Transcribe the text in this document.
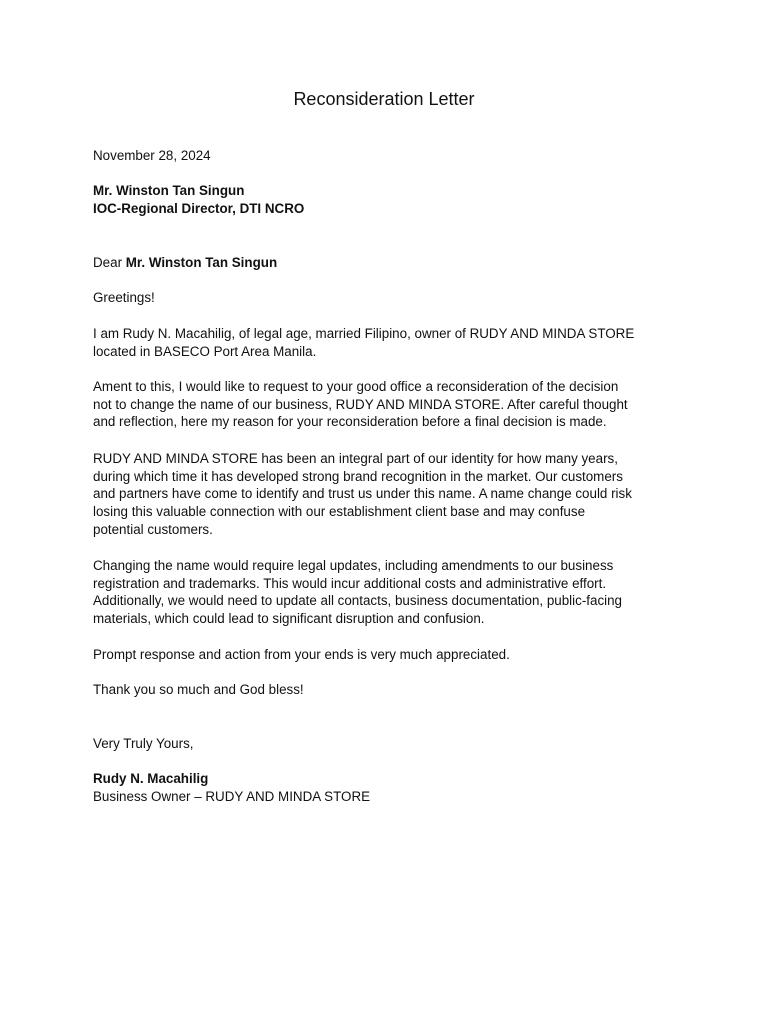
Reconsideration Letter
November 28, 2024
Mr. Winston Tan Singun
IOC-Regional Director, DTI NCRO
Dear Mr. Winston Tan Singun
Greetings!
I am Rudy N. Macahilig, of legal age, married Filipino, owner of RUDY AND MINDA STORE
located in BASECO Port Area Manila.
Ament to this, I would like to request to your good office a reconsideration of the decision
not to change the name of our business, RUDY AND MINDA STORE. After careful thought
and reflection, here my reason for your reconsideration before a final decision is made.
RUDY AND MINDA STORE has been an integral part of our identity for how many years,
during which time it has developed strong brand recognition in the market. Our customers
and partners have come to identify and trust us under this name. A name change could risk
losing this valuable connection with our establishment client base and may confuse
potential customers.
Changing the name would require legal updates, including amendments to our business
registration and trademarks. This would incur additional costs and administrative effort.
Additionally, we would need to update all contacts, business documentation, public-facing
materials, which could lead to significant disruption and confusion.
Prompt response and action from your ends is very much appreciated.
Thank you so much and God bless!
Very Truly Yours,
Rudy N. Macahilig
Business Owner – RUDY AND MINDA STORE
